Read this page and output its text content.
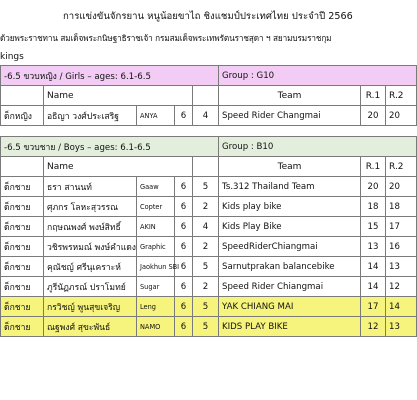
การแข่งขันจักรยาน หนูน้อยขาไถ ชิงแชมป์ประเทศไทย ประจำปี 2566
ด้วยพระราชทาน สมเด็จพระกนิษฐาธิราชเจ้า กรมสมเด็จพระเทพรัตนราชสุดา ฯ สยามบรมราชกุม
kings
-6.5 ขวบหญิง / Girls – ages: 6.1-6.5					Group : G10		
	Name				Team	R.1	R.2
ด็กหญิง	อธิญา วงศ์ประเสริฐ	ANYA	6	4	Speed Rider Changmai	20	20

-6.5 ขวบชาย / Boys – ages: 6.1-6.5					Group : B10		
	Name				Team	R.1	R.2
ด็กชาย	ธรา สานนท์	Gaaw	6	5	Ts.312 Thailand Team	20	20
ด็กชาย	ศุภกร โลหะสุวรรณ	Copter	6	2	Kids play bike	18	18
ด็กชาย	กฤษณพงศ์ พงษ์สิทธิ์	AKIN	6	4	Kids Play Bike	15	17
ด็กชาย	วชิรพรหมณ์ พงษ์คำแดง	Graphic	6	2	SpeedRiderChiangmai	13	16
ด็กชาย	คุณัชญ์ ศรีนุเคราะห์	Jaokhun SBI	6	5	Sarnutprakan balancebike	14	13
ด็กชาย	ภูรีนัฏภรณ์ ปราโมทย์	Sugar	6	2	Speed Rider Chiangmai	14	12
ด็กชาย	กรวิชญ์ พูนสุขเจริญ	Leng	6	5	YAK CHIANG MAI	17	14
ด็กชาย	ณฐพงศ์ สุขะพันธ์	NAMO	6	5	KIDS PLAY BIKE	12	13
